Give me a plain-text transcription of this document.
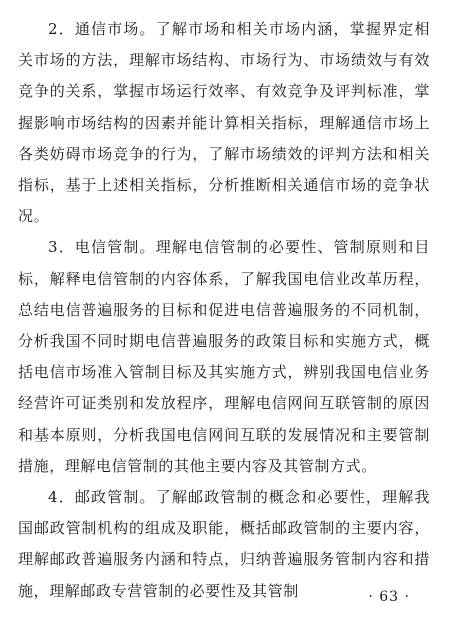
2．通信市场。了解市场和相关市场内涵，掌握界定相关市场的方法，理解市场结构、市场行为、市场绩效与有效竞争的关系，掌握市场运行效率、有效竞争及评判标准，掌握影响市场结构的因素并能计算相关指标，理解通信市场上各类妨碍市场竞争的行为，了解市场绩效的评判方法和相关指标，基于上述相关指标，分析推断相关通信市场的竞争状况。

3．电信管制。理解电信管制的必要性、管制原则和目标，解释电信管制的内容体系，了解我国电信业改革历程，总结电信普遍服务的目标和促进电信普遍服务的不同机制，分析我国不同时期电信普遍服务的政策目标和实施方式，概括电信市场准入管制目标及其实施方式，辨别我国电信业务经营许可证类别和发放程序，理解电信网间互联管制的原因和基本原则，分析我国电信网间互联的发展情况和主要管制措施，理解电信管制的其他主要内容及其管制方式。

4．邮政管制。了解邮政管制的概念和必要性，理解我国邮政管制机构的组成及职能，概括邮政管制的主要内容，理解邮政普遍服务内涵和特点，归纳普遍服务管制内容和措施，理解邮政专营管制的必要性及其管制	· 63 ·
